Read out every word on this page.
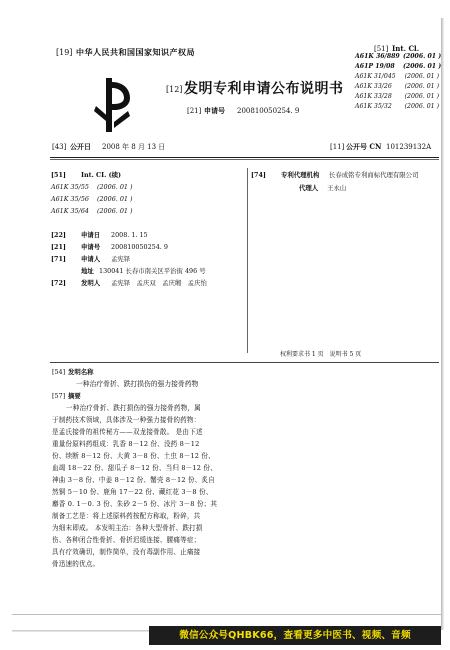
[19] 中华人民共和国国家知识产权局
[12] 发明专利申请公布说明书
[21] 申请号 200810050254. 9
[51] Int. Cl.
A61K 36/889 (2006. 01 )
A61P 19/08	(2006. 01 )
A61K 31/045	(2006. 01 )
A61K 33/26	(2006. 01 )
A61K 33/28	(2006. 01 )
A61K 35/32	(2006. 01 )
[43] 公开日 2008 年 8 月 13 日	[11] 公开号 CN 101239132A
[51]	Int. CI. (续)
A61K 35/55	(2006. 01 )
A61K 35/56	(2006. 01 )
A61K 35/64	(2006. 01 )
[22]	申请日	2008. 1. 15
[21]	申请号	200810050254. 9
[71]	申请人	孟宪铎
地址 130041 长春市南关区平治街 496 号
[72]	发明人	孟宪铎　孟庆双　孟庆缃　孟庆怡
[74]	专利代理机构	长春成铭专利商标代理有限公司
代理人	王永山
权利要求书 1 页　说明书 5 页
[54] 发明名称
一种治疗骨折、跌打损伤的强力接骨药物
[57] 摘要
一种治疗骨折、跌打损伤的强力接骨药物，属
于制药技术领域，具体涉及一种强力接骨的药物：
是孟氏接骨的祖传秘方——双龙接骨散。 是由下述
重量份原料药组成：乳香 8－12 份、没药 8－12
份、续断 8－12 份、大黄 3－8 份、土虫 8－12 份、
血竭 18－22 份、甜瓜子 8－12 份、当归 8－12 份、
神曲 3－8 份、中姜 8－12 份、蟹壳 8－12 份、炙自
然铜 5－10 份、鹿角 17－22 份、藏红花 3－8 份、
麝香 0. 1－0. 3 份、朱砂 2－5 份、冰片 3－8 份；其
制备工艺是：将上述原料药按配方称取，粉碎，共
为细末即成。 本发明主治：各种大型骨折、跌打损
伤、各种闭合性骨折、骨折迟缓连接、腰痛等症；
具有疗效确切，制作简单，没有毒副作用、止痛接
骨迅速的优点。
微信公众号QHBK66，查看更多中医书、视频、音频
